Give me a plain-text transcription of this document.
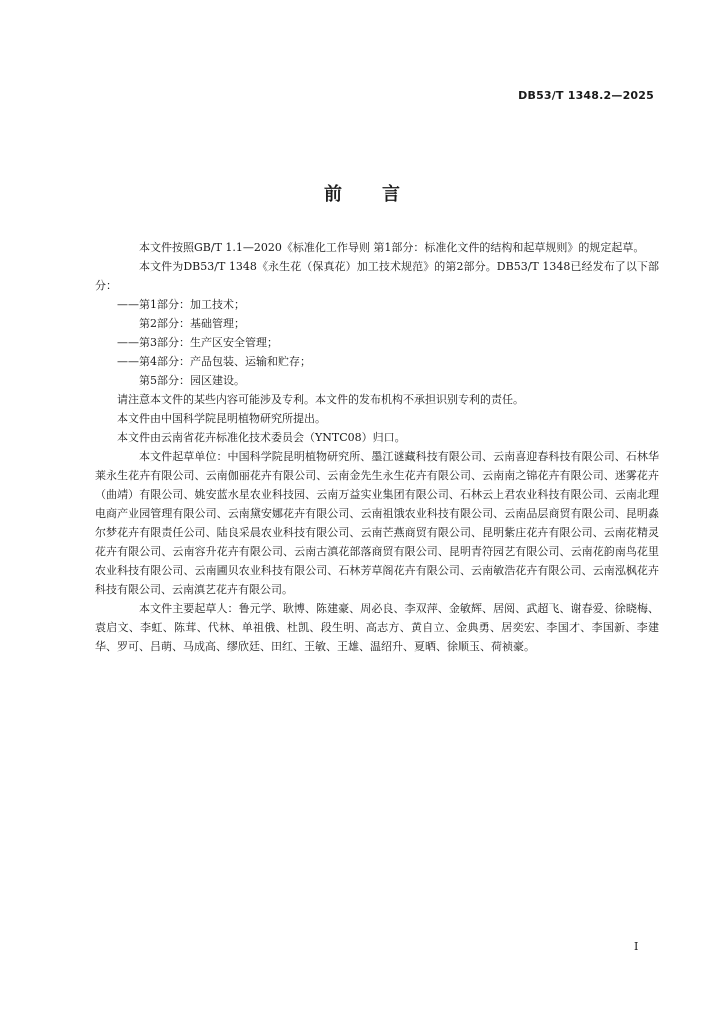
DB53/T 1348.2—2025
前 言

本文件按照GB/T 1.1—2020《标准化工作导则 第1部分：标准化文件的结构和起草规则》的规定起草。

本文件为DB53/T 1348《永生花（保真花）加工技术规范》的第2部分。DB53/T 1348已经发布了以下部分：

——第1部分：加工技术；

第2部分：基础管理；

——第3部分：生产区安全管理；

——第4部分：产品包装、运输和贮存；

第5部分：园区建设。

请注意本文件的某些内容可能涉及专利。本文件的发布机构不承担识别专利的责任。

本文件由中国科学院昆明植物研究所提出。

本文件由云南省花卉标准化技术委员会（YNTC08）归口。

本文件起草单位：中国科学院昆明植物研究所、墨江谜藏科技有限公司、云南喜迎春科技有限公司、石林华莱永生花卉有限公司、云南伽丽花卉有限公司、云南金先生永生花卉有限公司、云南南之锦花卉有限公司、迷雾花卉（曲靖）有限公司、姚安蓝水星农业科技园、云南万益实业集团有限公司、石林云上君农业科技有限公司、云南北理电商产业园管理有限公司、云南黛安娜花卉有限公司、云南祖饿农业科技有限公司、云南品层商贸有限公司、昆明淼尔梦花卉有限责任公司、陆良采晨农业科技有限公司、云南芒燕商贸有限公司、昆明紫庄花卉有限公司、云南花精灵花卉有限公司、云南容升花卉有限公司、云南古滇花部落商贸有限公司、昆明青符园艺有限公司、云南花韵南鸟花里农业科技有限公司、云南圃贝农业科技有限公司、石林芳草阁花卉有限公司、云南敏浩花卉有限公司、云南泓枫花卉科技有限公司、云南滇艺花卉有限公司。

本文件主要起草人：鲁元学、耿博、陈建豪、周必良、李双萍、金敏辉、居阅、武超飞、谢春爱、徐晓梅、袁启文、李虹、陈茸、代林、单祖俄、杜凯、段生明、高志方、黄自立、金典勇、居奕宏、李国才、李国新、李建华、罗可、吕萌、马成高、缪欣廷、田红、王敏、王雄、温绍升、夏晒、徐顺玉、荷祯豪。

I
